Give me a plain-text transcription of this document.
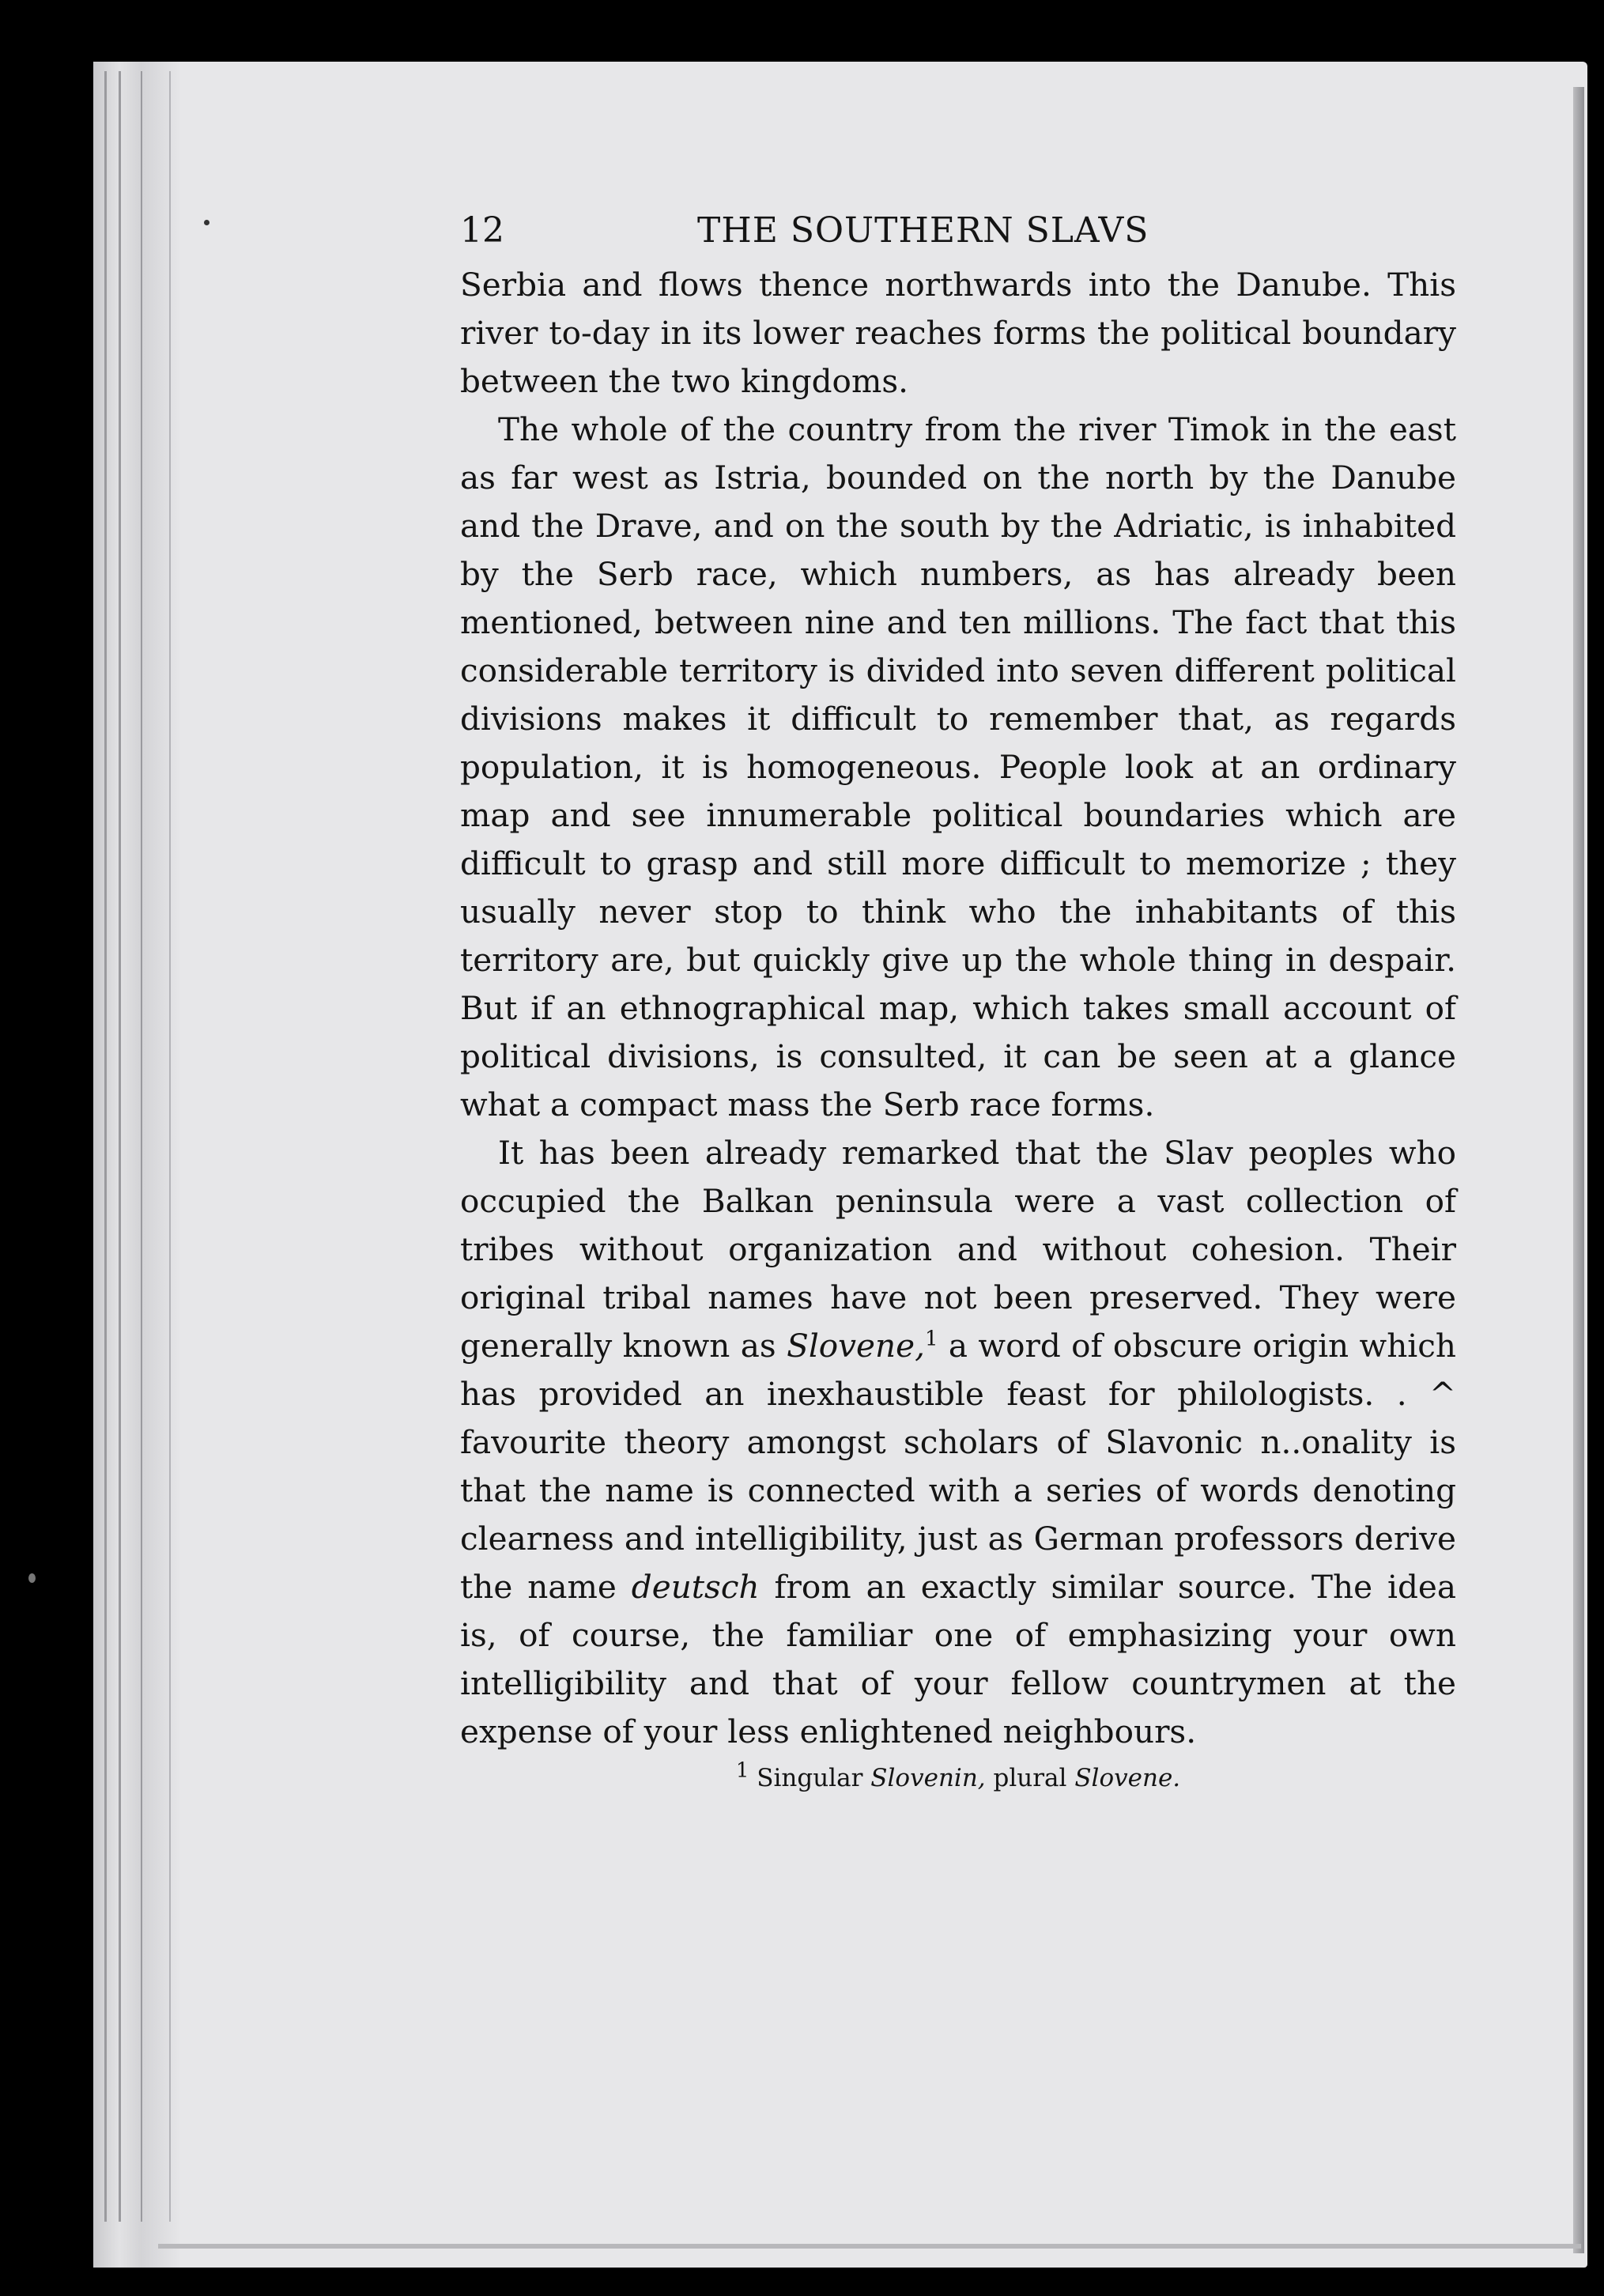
12	THE SOUTHERN SLAVS

Serbia and flows thence northwards into the Danube. This river to-day in its lower reaches forms the political boundary between the two kingdoms.

The whole of the country from the river Timok in the east as far west as Istria, bounded on the north by the Danube and the Drave, and on the south by the Adriatic, is inhabited by the Serb race, which numbers, as has already been mentioned, between nine and ten millions. The fact that this considerable territory is divided into seven different political divisions makes it difficult to remember that, as regards population, it is homogeneous. People look at an ordinary map and see innumerable political boundaries which are difficult to grasp and still more difficult to memorize ; they usually never stop to think who the inhabitants of this territory are, but quickly give up the whole thing in despair. But if an ethnographical map, which takes small account of political divisions, is consulted, it can be seen at a glance what a compact mass the Serb race forms.

It has been already remarked that the Slav peoples who occupied the Balkan peninsula were a vast collection of tribes without organization and without cohesion. Their original tribal names have not been preserved. They were generally known as Slovene,$^1$ a word of obscure origin which has provided an inexhaustible feast for philologists. . ^ favourite theory amongst scholars of Slavonic n..onality is that the name is connected with a series of words denoting clearness and intelligibility, just as German professors derive the name deutsch from an exactly similar source. The idea is, of course, the familiar one of emphasizing your own intelligibility and that of your fellow countrymen at the expense of your less enlightened neighbours.

$^1$ Singular Slovenin, plural Slovene.
